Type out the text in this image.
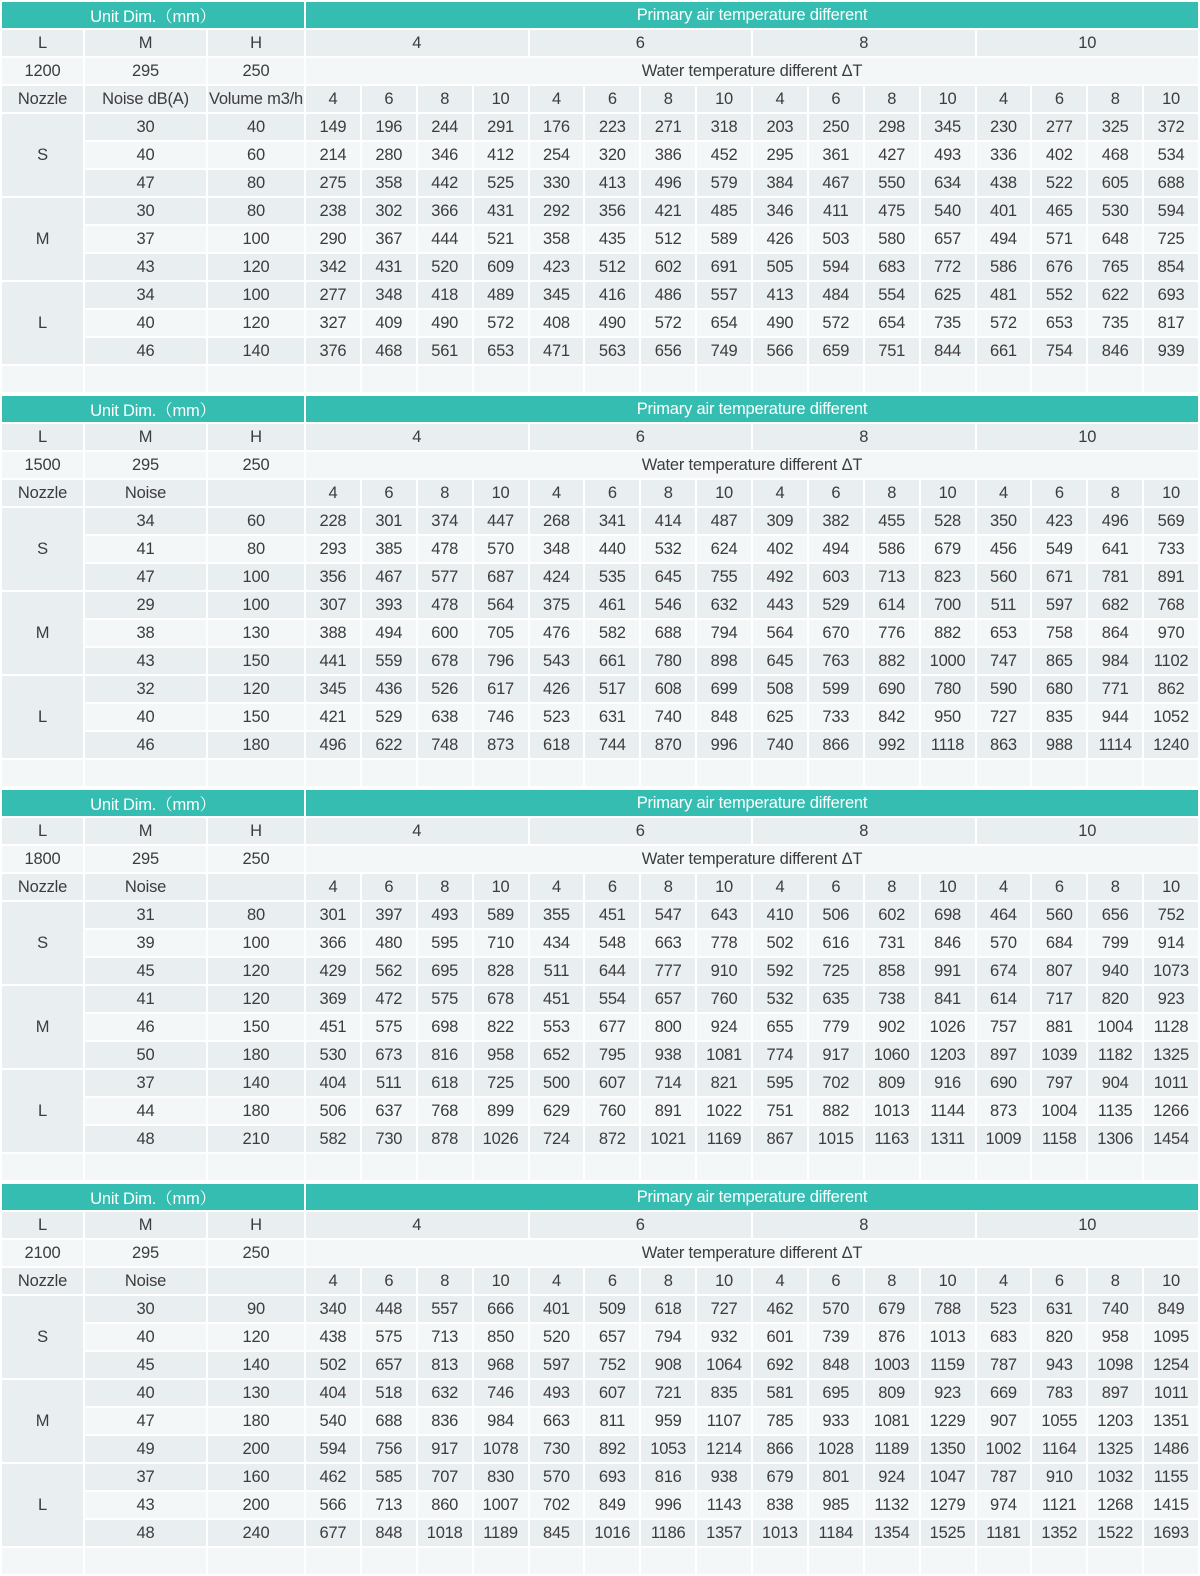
Unit Dim.（mm）			Primary air temperature different															
L	M	H	4				6				8				10			
1200	295	250	Water temperature different ΔT															
Nozzle	Noise dB(A)	Volume m3/h	4	6	8	10	4	6	8	10	4	6	8	10	4	6	8	10
S	30	40	149	196	244	291	176	223	271	318	203	250	298	345	230	277	325	372
	40	60	214	280	346	412	254	320	386	452	295	361	427	493	336	402	468	534
	47	80	275	358	442	525	330	413	496	579	384	467	550	634	438	522	605	688
M	30	80	238	302	366	431	292	356	421	485	346	411	475	540	401	465	530	594
	37	100	290	367	444	521	358	435	512	589	426	503	580	657	494	571	648	725
	43	120	342	431	520	609	423	512	602	691	505	594	683	772	586	676	765	854
L	34	100	277	348	418	489	345	416	486	557	413	484	554	625	481	552	622	693
	40	120	327	409	490	572	408	490	572	654	490	572	654	735	572	653	735	817
	46	140	376	468	561	653	471	563	656	749	566	659	751	844	661	754	846	939

Unit Dim.（mm）			Primary air temperature different															
L	M	H	4				6				8				10			
1500	295	250	Water temperature different ΔT															
Nozzle	Noise		4	6	8	10	4	6	8	10	4	6	8	10	4	6	8	10
S	34	60	228	301	374	447	268	341	414	487	309	382	455	528	350	423	496	569
	41	80	293	385	478	570	348	440	532	624	402	494	586	679	456	549	641	733
	47	100	356	467	577	687	424	535	645	755	492	603	713	823	560	671	781	891
M	29	100	307	393	478	564	375	461	546	632	443	529	614	700	511	597	682	768
	38	130	388	494	600	705	476	582	688	794	564	670	776	882	653	758	864	970
	43	150	441	559	678	796	543	661	780	898	645	763	882	1000	747	865	984	1102
L	32	120	345	436	526	617	426	517	608	699	508	599	690	780	590	680	771	862
	40	150	421	529	638	746	523	631	740	848	625	733	842	950	727	835	944	1052
	46	180	496	622	748	873	618	744	870	996	740	866	992	1118	863	988	1114	1240

Unit Dim.（mm）			Primary air temperature different															
L	M	H	4				6				8				10			
1800	295	250	Water temperature different ΔT															
Nozzle	Noise		4	6	8	10	4	6	8	10	4	6	8	10	4	6	8	10
S	31	80	301	397	493	589	355	451	547	643	410	506	602	698	464	560	656	752
	39	100	366	480	595	710	434	548	663	778	502	616	731	846	570	684	799	914
	45	120	429	562	695	828	511	644	777	910	592	725	858	991	674	807	940	1073
M	41	120	369	472	575	678	451	554	657	760	532	635	738	841	614	717	820	923
	46	150	451	575	698	822	553	677	800	924	655	779	902	1026	757	881	1004	1128
	50	180	530	673	816	958	652	795	938	1081	774	917	1060	1203	897	1039	1182	1325
L	37	140	404	511	618	725	500	607	714	821	595	702	809	916	690	797	904	1011
	44	180	506	637	768	899	629	760	891	1022	751	882	1013	1144	873	1004	1135	1266
	48	210	582	730	878	1026	724	872	1021	1169	867	1015	1163	1311	1009	1158	1306	1454

Unit Dim.（mm）			Primary air temperature different															
L	M	H	4				6				8				10			
2100	295	250	Water temperature different ΔT															
Nozzle	Noise		4	6	8	10	4	6	8	10	4	6	8	10	4	6	8	10
S	30	90	340	448	557	666	401	509	618	727	462	570	679	788	523	631	740	849
	40	120	438	575	713	850	520	657	794	932	601	739	876	1013	683	820	958	1095
	45	140	502	657	813	968	597	752	908	1064	692	848	1003	1159	787	943	1098	1254
M	40	130	404	518	632	746	493	607	721	835	581	695	809	923	669	783	897	1011
	47	180	540	688	836	984	663	811	959	1107	785	933	1081	1229	907	1055	1203	1351
	49	200	594	756	917	1078	730	892	1053	1214	866	1028	1189	1350	1002	1164	1325	1486
L	37	160	462	585	707	830	570	693	816	938	679	801	924	1047	787	910	1032	1155
	43	200	566	713	860	1007	702	849	996	1143	838	985	1132	1279	974	1121	1268	1415
	48	240	677	848	1018	1189	845	1016	1186	1357	1013	1184	1354	1525	1181	1352	1522	1693
